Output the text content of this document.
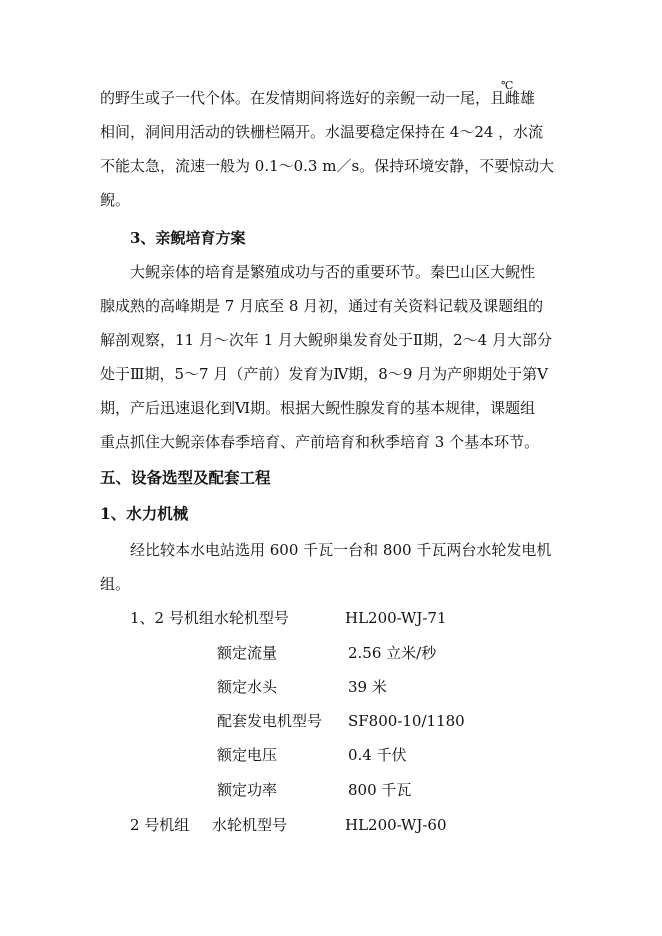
的野生或子一代个体。在发情期间将选好的亲鲵一动一尾，且雌雄
℃
相间，洞间用活动的铁栅栏隔开。水温要稳定保持在 4～24 ，水流
不能太急，流速一般为 0.1～0.3 m／s。保持环境安静，不要惊动大
鲵。
3、亲鲵培育方案
大鲵亲体的培育是繁殖成功与否的重要环节。秦巴山区大鲵性
腺成熟的高峰期是 7 月底至 8 月初，通过有关资料记载及课题组的
解剖观察，11 月～次年 1 月大鲵卵巢发育处于Ⅱ期，2～4 月大部分
处于Ⅲ期，5～7 月（产前）发育为Ⅳ期，8～9 月为产卵期处于第Ⅴ
期，产后迅速退化到Ⅵ期。根据大鲵性腺发育的基本规律，课题组
重点抓住大鲵亲体春季培育、产前培育和秋季培育 3 个基本环节。
五、设备选型及配套工程
1、水力机械
经比较本水电站选用 600 千瓦一台和 800 千瓦两台水轮发电机
组。
1、2 号机组水轮机型号	HL200-WJ-71
额定流量	2.56 立米/秒
额定水头	39 米
配套发电机型号 SF800-10/1180
额定电压	0.4 千伏
额定功率	800 千瓦
2 号机组 水轮机型号	HL200-WJ-60
